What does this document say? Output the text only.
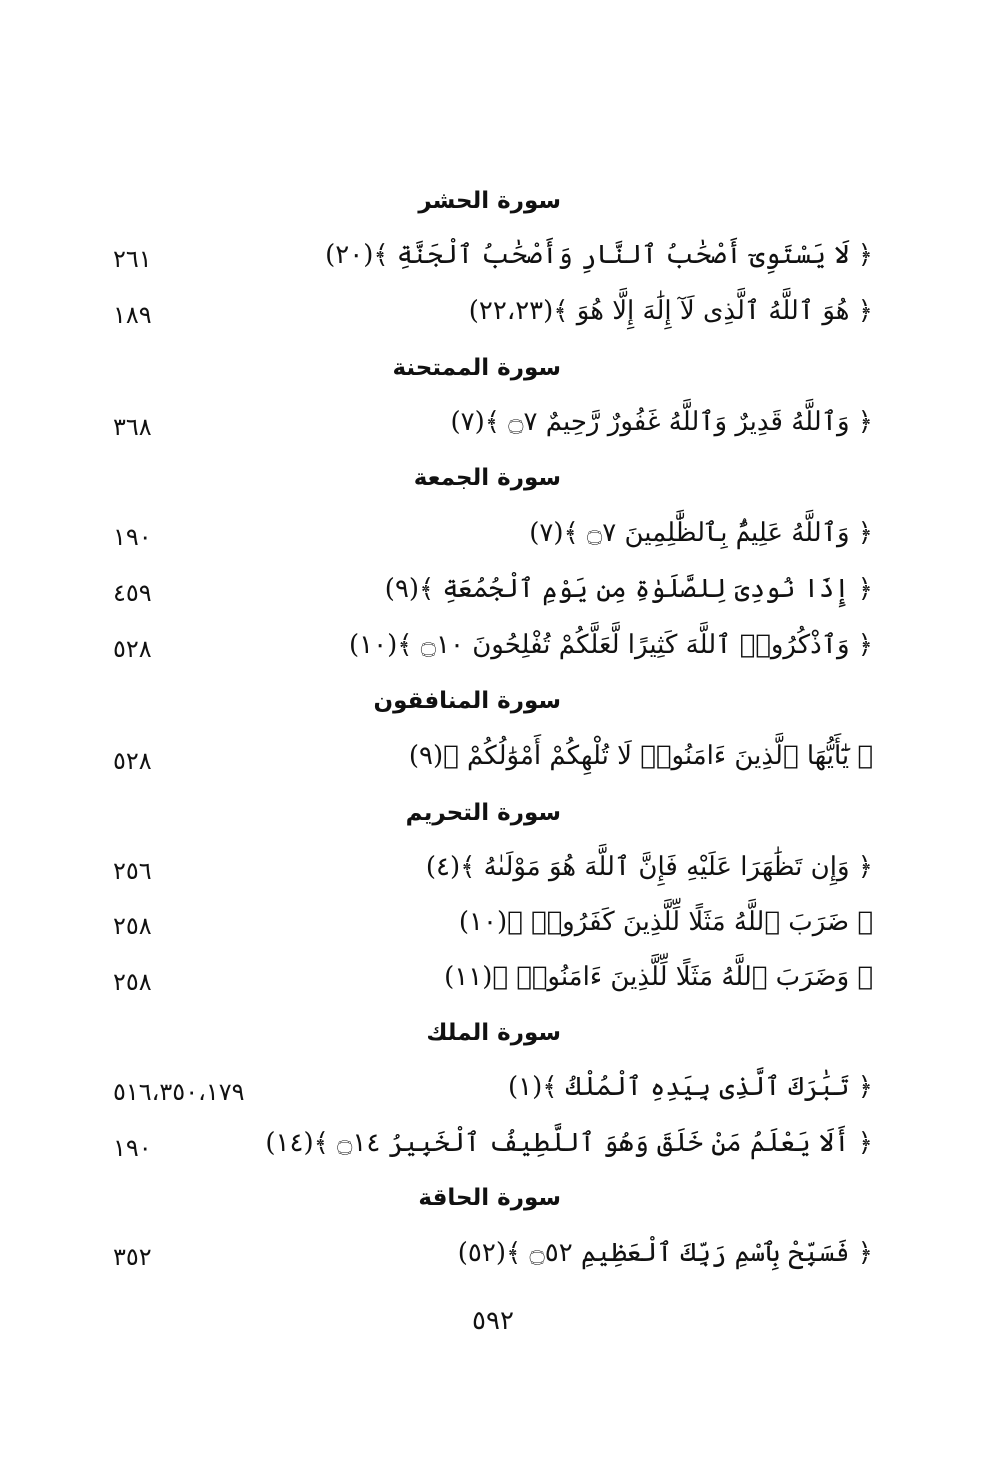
سورة الحشر
﴿ لَا يَسْتَوِىٓ أَصْحَٰبُ ٱلنَّارِ وَأَصْحَٰبُ ٱلْجَنَّةِ ﴾(٢٠)
٢٦١
﴿ هُوَ ٱللَّهُ ٱلَّذِى لَآ إِلَٰهَ إِلَّا هُوَ ﴾(٢٢،٢٣)
١٨٩
سورة الممتحنة
﴿ وَٱللَّهُ قَدِيرٌ وَٱللَّهُ غَفُورٌ رَّحِيمٌ ۝٧ ﴾(٧)
٣٦٨
سورة الجمعة
﴿ وَٱللَّهُ عَلِيمٌۢ بِٱلظَّٰلِمِينَ ۝٧ ﴾(٧)
١٩٠
﴿ إِذَا نُودِىَ لِلصَّلَوٰةِ مِن يَوْمِ ٱلْجُمُعَةِ ﴾(٩)
٤٥٩
﴿ وَٱذْكُرُوا۟ ٱللَّهَ كَثِيرًا لَّعَلَّكُمْ تُفْلِحُونَ ۝١٠ ﴾(١٠)
٥٢٨
سورة المنافقون
﴿ يَٰٓأَيُّهَا ٱلَّذِينَ ءَامَنُوا۟ لَا تُلْهِكُمْ أَمْوَٰلُكُمْ ﴾(٩)
٥٢٨
سورة التحريم
﴿ وَإِن تَظَٰهَرَا عَلَيْهِ فَإِنَّ ٱللَّهَ هُوَ مَوْلَىٰهُ ﴾(٤)
٢٥٦
﴿ ضَرَبَ ٱللَّهُ مَثَلًا لِّلَّذِينَ كَفَرُوا۟ ﴾(١٠)
٢٥٨
﴿ وَضَرَبَ ٱللَّهُ مَثَلًا لِّلَّذِينَ ءَامَنُوا۟ ﴾(١١)
٢٥٨
سورة الملك
﴿ تَبَٰرَكَ ٱلَّذِى بِيَدِهِ ٱلْمُلْكُ ﴾(١)
٥١٦،٣٥٠،١٧٩
﴿ أَلَا يَعْلَمُ مَنْ خَلَقَ وَهُوَ ٱللَّطِيفُ ٱلْخَبِيرُ ۝١٤ ﴾(١٤)
١٩٠
سورة الحاقة
﴿ فَسَبِّحْ بِٱسْمِ رَبِّكَ ٱلْعَظِيمِ ۝٥٢ ﴾(٥٢)
٣٥٢
٥٩٢
